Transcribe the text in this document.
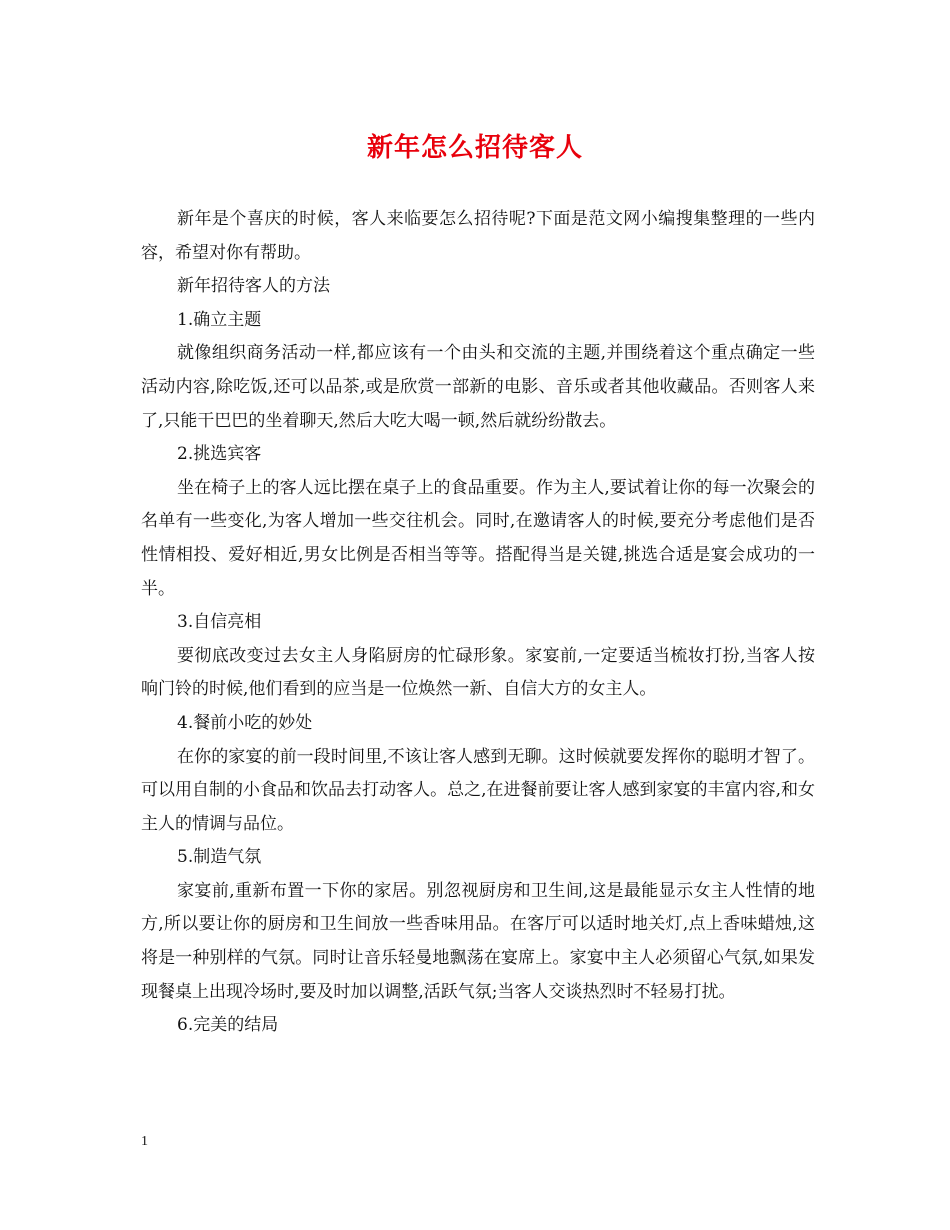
新年怎么招待客人

新年是个喜庆的时候，客人来临要怎么招待呢?下面是范文网小编搜集整理的一些内容，希望对你有帮助。

新年招待客人的方法

1.确立主题

就像组织商务活动一样,都应该有一个由头和交流的主题,并围绕着这个重点确定一些活动内容,除吃饭,还可以品茶,或是欣赏一部新的电影、音乐或者其他收藏品。否则客人来了,只能干巴巴的坐着聊天,然后大吃大喝一顿,然后就纷纷散去。

2.挑选宾客

坐在椅子上的客人远比摆在桌子上的食品重要。作为主人,要试着让你的每一次聚会的名单有一些变化,为客人增加一些交往机会。同时,在邀请客人的时候,要充分考虑他们是否性情相投、爱好相近,男女比例是否相当等等。搭配得当是关键,挑选合适是宴会成功的一半。

3.自信亮相

要彻底改变过去女主人身陷厨房的忙碌形象。家宴前,一定要适当梳妆打扮,当客人按响门铃的时候,他们看到的应当是一位焕然一新、自信大方的女主人。

4.餐前小吃的妙处

在你的家宴的前一段时间里,不该让客人感到无聊。这时候就要发挥你的聪明才智了。可以用自制的小食品和饮品去打动客人。总之,在进餐前要让客人感到家宴的丰富内容,和女主人的情调与品位。

5.制造气氛

家宴前,重新布置一下你的家居。别忽视厨房和卫生间,这是最能显示女主人性情的地方,所以要让你的厨房和卫生间放一些香味用品。在客厅可以适时地关灯,点上香味蜡烛,这将是一种别样的气氛。同时让音乐轻曼地飘荡在宴席上。家宴中主人必须留心气氛,如果发现餐桌上出现冷场时,要及时加以调整,活跃气氛;当客人交谈热烈时不轻易打扰。

6.完美的结局

1
